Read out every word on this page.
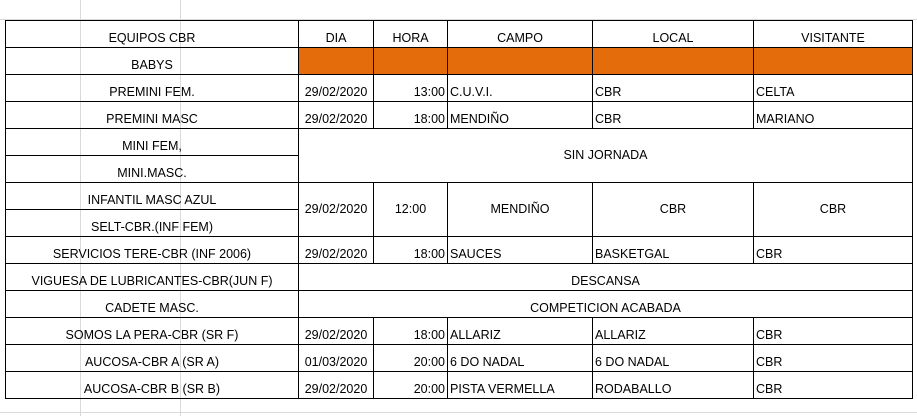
EQUIPOS CBR	DIA	HORA	CAMPO	LOCAL	VISITANTE
BABYS					
PREMINI FEM.	29/02/2020	13:00	C.U.V.I.	CBR	CELTA
PREMINI MASC	29/02/2020	18:00	MENDIÑO	CBR	MARIANO
MINI FEM,	SIN JORNADA				
MINI.MASC.					
INFANTIL MASC AZUL	29/02/2020	12:00	MENDIÑO	CBR	CBR
SELT-CBR.(INF FEM)					
SERVICIOS TERE-CBR (INF 2006)	29/02/2020	18:00	SAUCES	BASKETGAL	CBR
VIGUESA DE LUBRICANTES-CBR(JUN F)	DESCANSA				
CADETE MASC.	COMPETICION ACABADA				
SOMOS LA PERA-CBR (SR F)	29/02/2020	18:00	ALLARIZ	ALLARIZ	CBR
AUCOSA-CBR A (SR A)	01/03/2020	20:00	6 DO NADAL	6 DO NADAL	CBR
AUCOSA-CBR B (SR B)	29/02/2020	20:00	PISTA VERMELLA	RODABALLO	CBR
